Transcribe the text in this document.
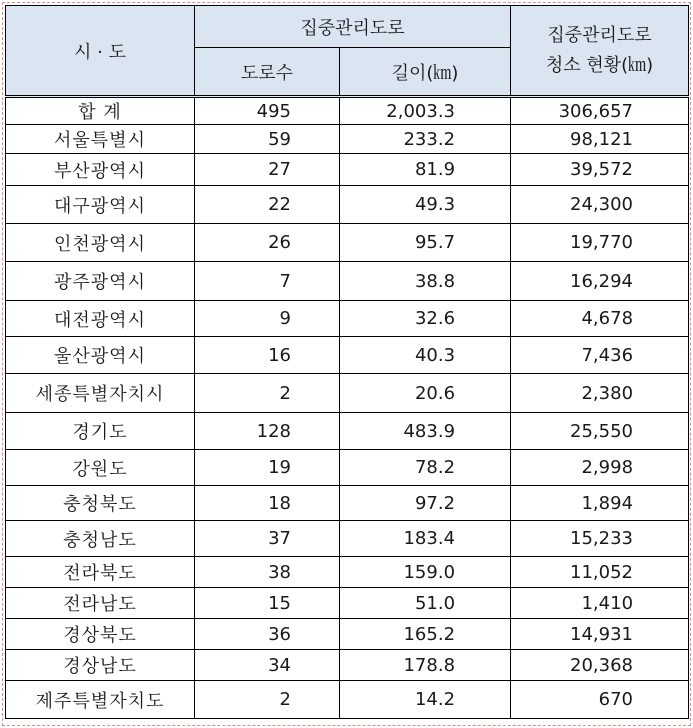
시 · 도	집중관리도로		집중관리도로
청소 현황(㎞)

	도로수	길이(㎞)	
합 계	495	2,003.3	306,657
서울특별시	59	233.2	98,121
부산광역시	27	81.9	39,572
대구광역시	22	49.3	24,300
인천광역시	26	95.7	19,770
광주광역시	7	38.8	16,294
대전광역시	9	32.6	4,678
울산광역시	16	40.3	7,436
세종특별자치시	2	20.6	2,380
경기도	128	483.9	25,550
강원도	19	78.2	2,998
충청북도	18	97.2	1,894
충청남도	37	183.4	15,233
전라북도	38	159.0	11,052
전라남도	15	51.0	1,410
경상북도	36	165.2	14,931
경상남도	34	178.8	20,368
제주특별자치도	2	14.2	670
